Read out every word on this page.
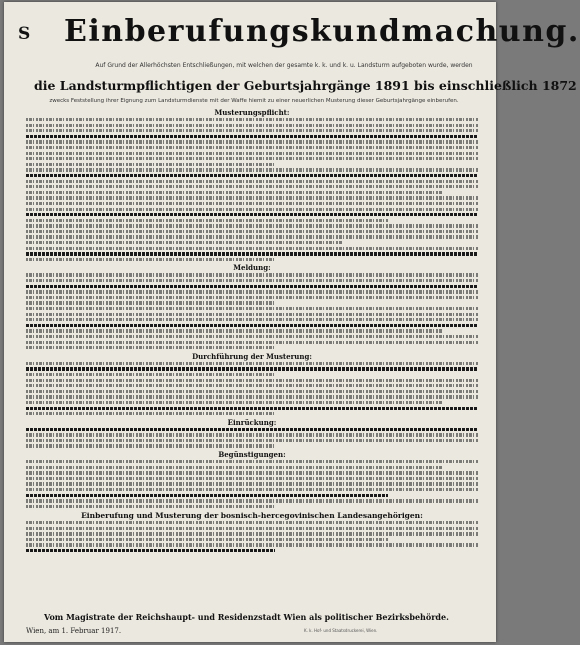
S Einberufungskundmachung.
Auf Grund der Allerhöchsten Entschließungen, mit welchen der gesamte k. k. und k. u. Landsturm aufgeboten wurde, werden
die Landsturmpflichtigen der Geburtsjahrgänge 1891 bis einschließlich 1872
zwecks Feststellung ihrer Eignung zum Landsturmdienste mit der Waffe hiemit zu einer neuerlichen Musterung dieser Geburtsjahrgänge einberufen.
Musterungspflicht:
Meldung:
Durchführung der Musterung:
Einrückung:
Begünstigungen:
Einberufung und Musterung der bosnisch-hercegovinischen Landesangehörigen:
Vom Magistrate der Reichshaupt- und Residenzstadt Wien als politischer Bezirksbehörde.
Wien, am 1. Februar 1917.	K. k. Hof- und Staatsdruckerei, Wien.
